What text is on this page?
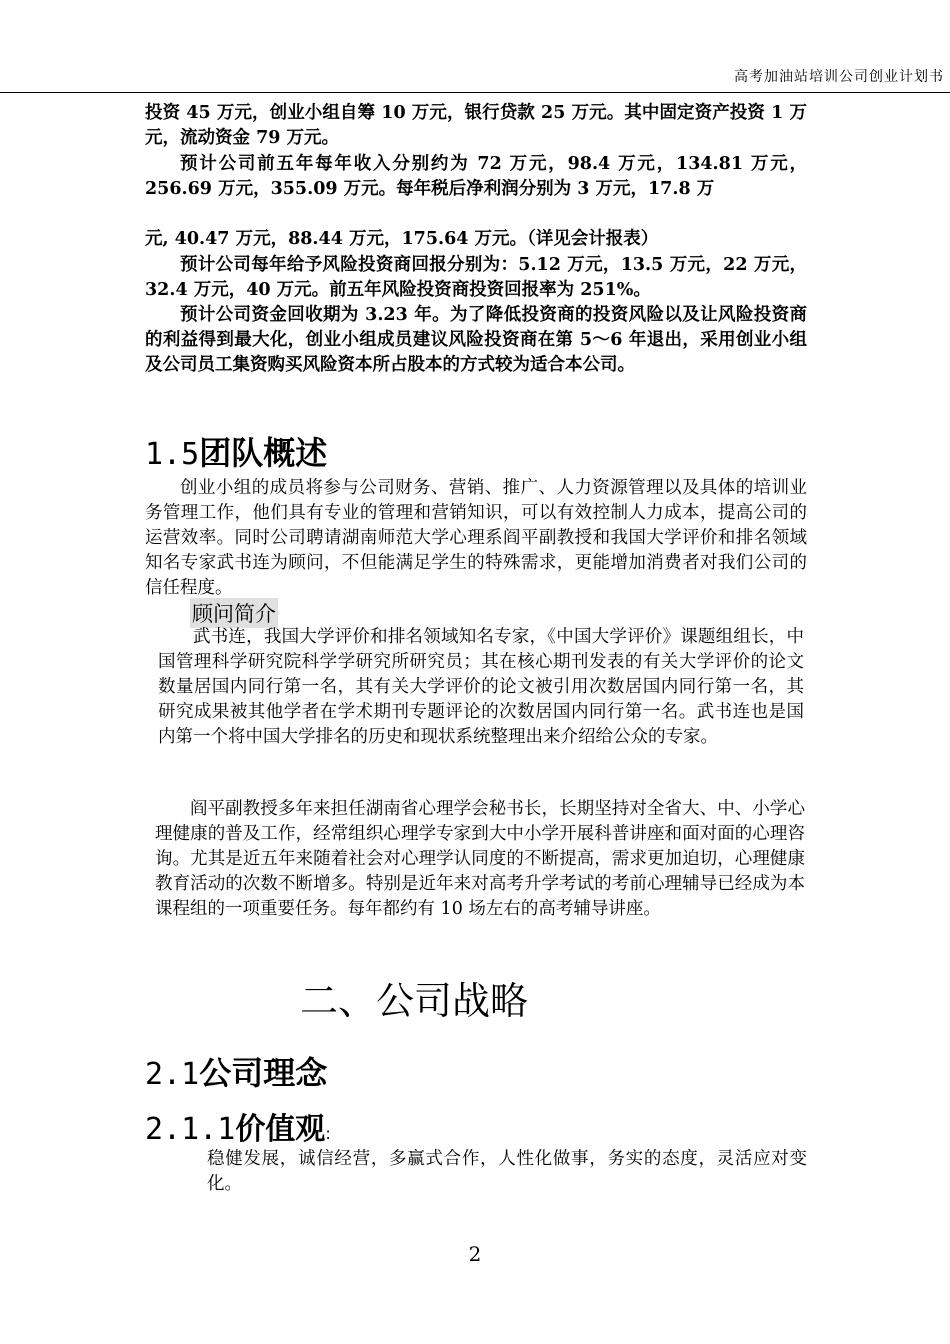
高考加油站培训公司创业计划书

投资 45 万元，创业小组自筹 10 万元，银行贷款 25 万元。其中固定资产投资 1 万元，流动资金 79 万元。

预计公司前五年每年收入分别约为 72 万元，98.4 万元，134.81 万元，256.69 万元，355.09 万元。每年税后净利润分别为 3 万元，17.8 万

元, 40.47 万元，88.44 万元，175.64 万元。（详见会计报表）

预计公司每年给予风险投资商回报分别为：5.12 万元，13.5 万元，22 万元，32.4 万元，40 万元。前五年风险投资商投资回报率为 251%。

预计公司资金回收期为 3.23 年。为了降低投资商的投资风险以及让风险投资商的利益得到最大化，创业小组成员建议风险投资商在第 5～6 年退出，采用创业小组及公司员工集资购买风险资本所占股本的方式较为适合本公司。

1.5团队概述

创业小组的成员将参与公司财务、营销、推广、人力资源管理以及具体的培训业务管理工作，他们具有专业的管理和营销知识，可以有效控制人力成本，提高公司的运营效率。同时公司聘请湖南师范大学心理系阎平副教授和我国大学评价和排名领域知名专家武书连为顾问，不但能满足学生的特殊需求，更能增加消费者对我们公司的信任程度。

顾问简介

武书连，我国大学评价和排名领域知名专家，《中国大学评价》课题组组长，中国管理科学研究院科学学研究所研究员；其在核心期刊发表的有关大学评价的论文数量居国内同行第一名，其有关大学评价的论文被引用次数居国内同行第一名，其研究成果被其他学者在学术期刊专题评论的次数居国内同行第一名。武书连也是国内第一个将中国大学排名的历史和现状系统整理出来介绍给公众的专家。

阎平副教授多年来担任湖南省心理学会秘书长，长期坚持对全省大、中、小学心理健康的普及工作，经常组织心理学专家到大中小学开展科普讲座和面对面的心理咨询。尤其是近五年来随着社会对心理学认同度的不断提高，需求更加迫切，心理健康教育活动的次数不断增多。特别是近年来对高考升学考试的考前心理辅导已经成为本课程组的一项重要任务。每年都约有 10 场左右的高考辅导讲座。

二、公司战略
2.1公司理念
2.1.1价值观:

稳健发展，诚信经营，多赢式合作，人性化做事，务实的态度，灵活应对变化。

2
